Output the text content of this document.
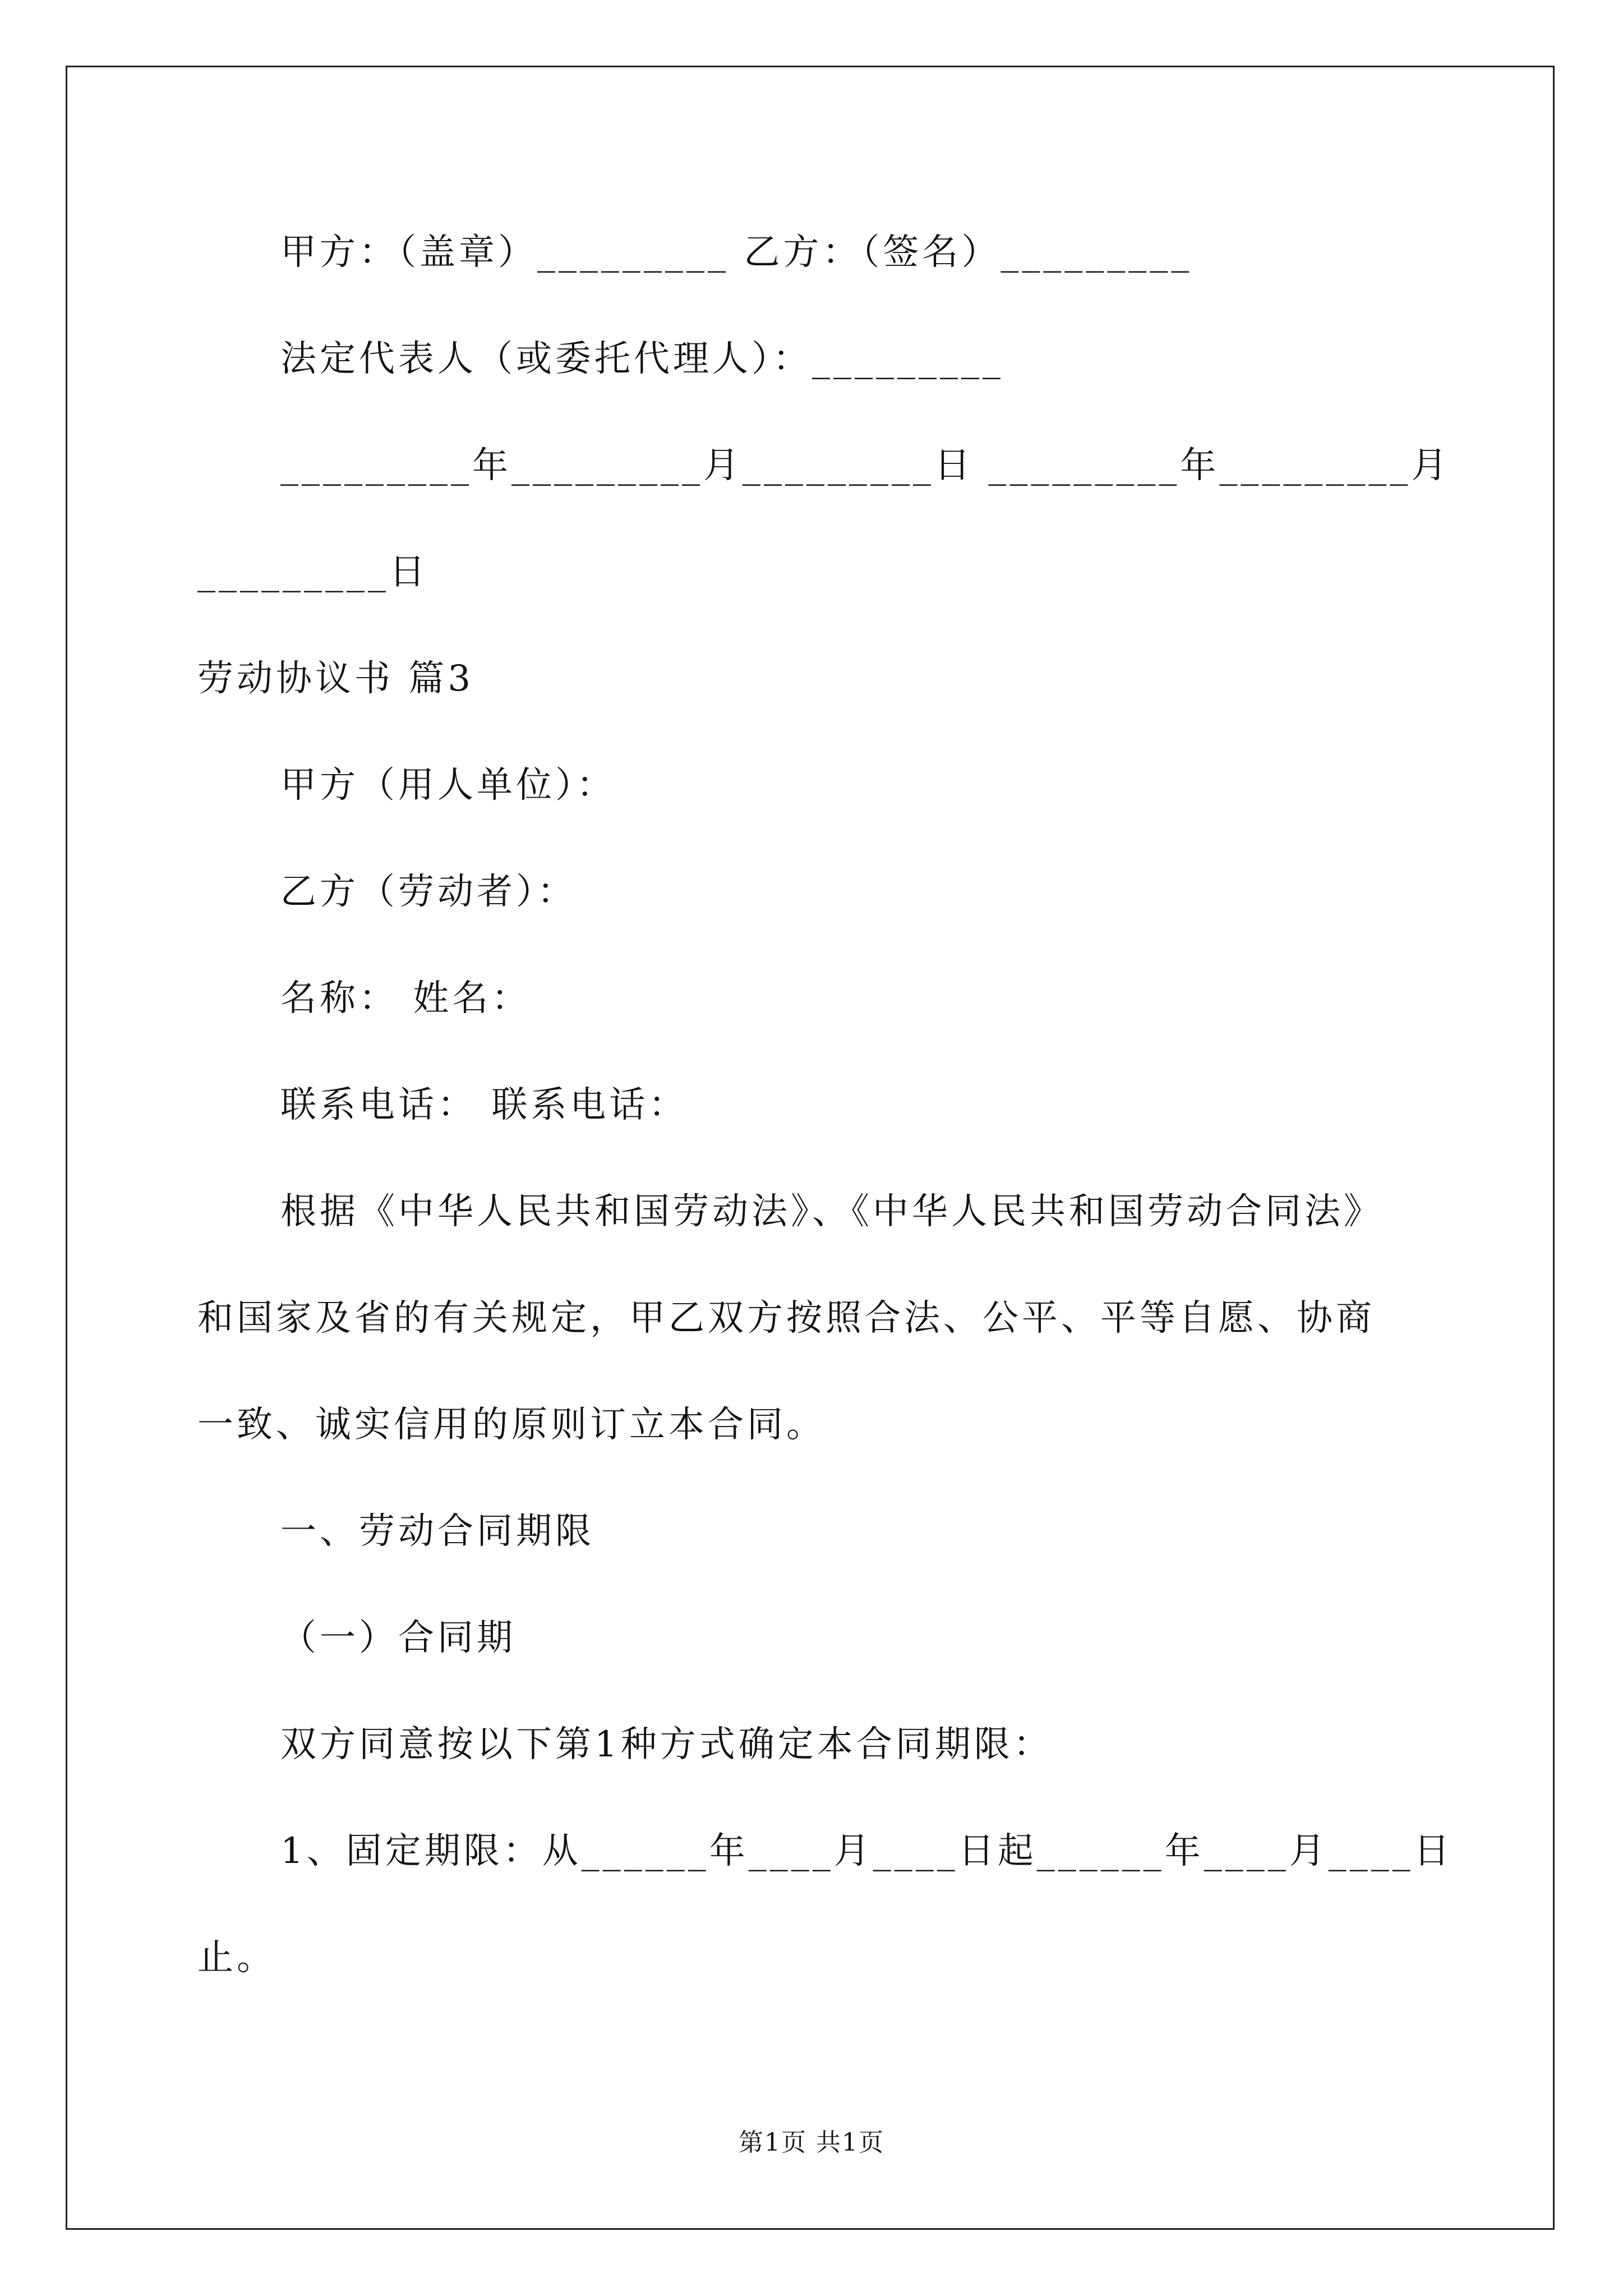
甲方：（盖章）_________ 乙方：（签名）_________
法定代表人（或委托代理人）：_________
_________年_________月_________日 _________年_________月
_________日
劳动协议书 篇3
甲方（用人单位）：
乙方（劳动者）：
名称： 姓名：
联系电话： 联系电话：
根据《中华人民共和国劳动法》、《中华人民共和国劳动合同法》
和国家及省的有关规定，甲乙双方按照合法、公平、平等自愿、协商
一致、诚实信用的原则订立本合同。
一、劳动合同期限
（一）合同期
双方同意按以下第1种方式确定本合同期限：
1、固定期限：从______年____月____日起______年____月____日
止。
第1页 共1页
